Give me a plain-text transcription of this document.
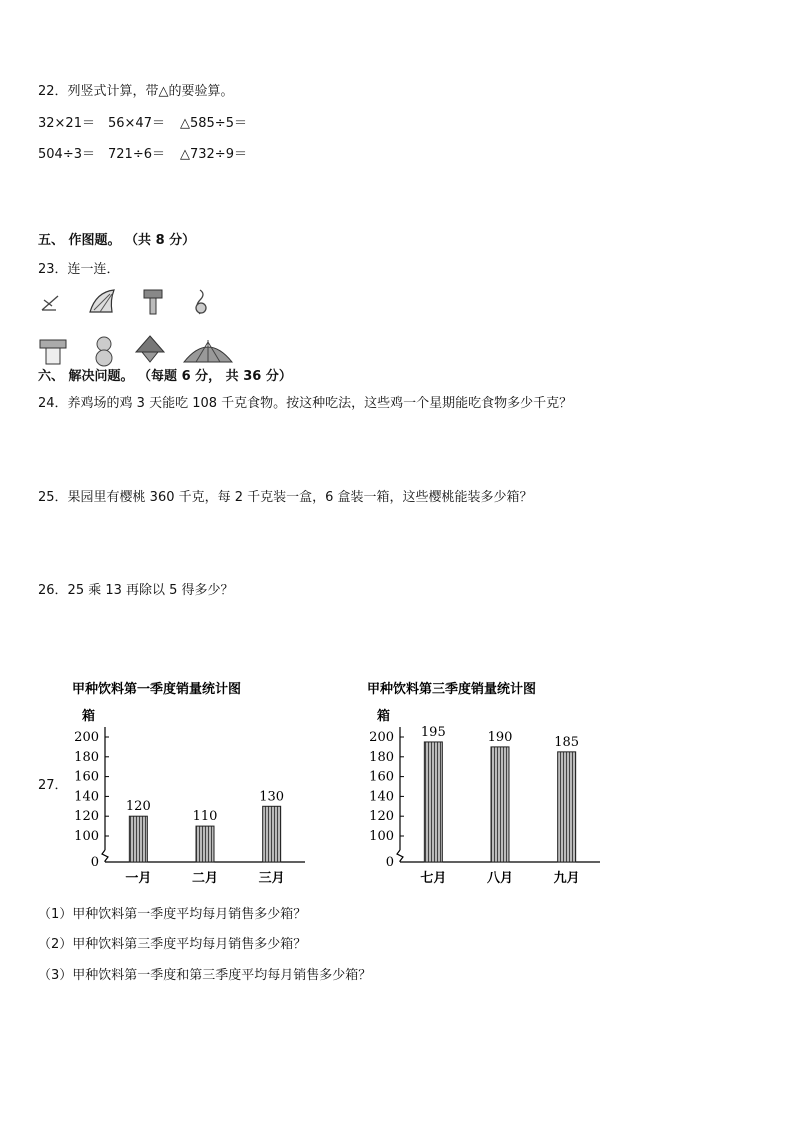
22．列竖式计算，带△的要验算。
32×21＝ 56×47＝ △585÷5＝
504÷3＝ 721÷6＝ △732÷9＝
五、 作图题。 （共 8 分）
23．连一连．
六、 解决问题。 （每题 6 分， 共 36 分）
24．养鸡场的鸡 3 天能吃 108 千克食物。按这种吃法，这些鸡一个星期能吃食物多少千克？
25．果园里有樱桃 360 千克，每 2 千克装一盒，6 盒装一箱，这些樱桃能装多少箱？
26．25 乘 13 再除以 5 得多少？
27．
甲种饮料第一季度销量统计图
箱
0
100
120
140
160
180
200
120
一月
110
二月
130
三月
甲种饮料第三季度销量统计图
箱
0
100
120
140
160
180
200 195
七月
190
八月
185
九月
（1）甲种饮料第一季度平均每月销售多少箱？
（2）甲种饮料第三季度平均每月销售多少箱？
（3）甲种饮料第一季度和第三季度平均每月销售多少箱？
